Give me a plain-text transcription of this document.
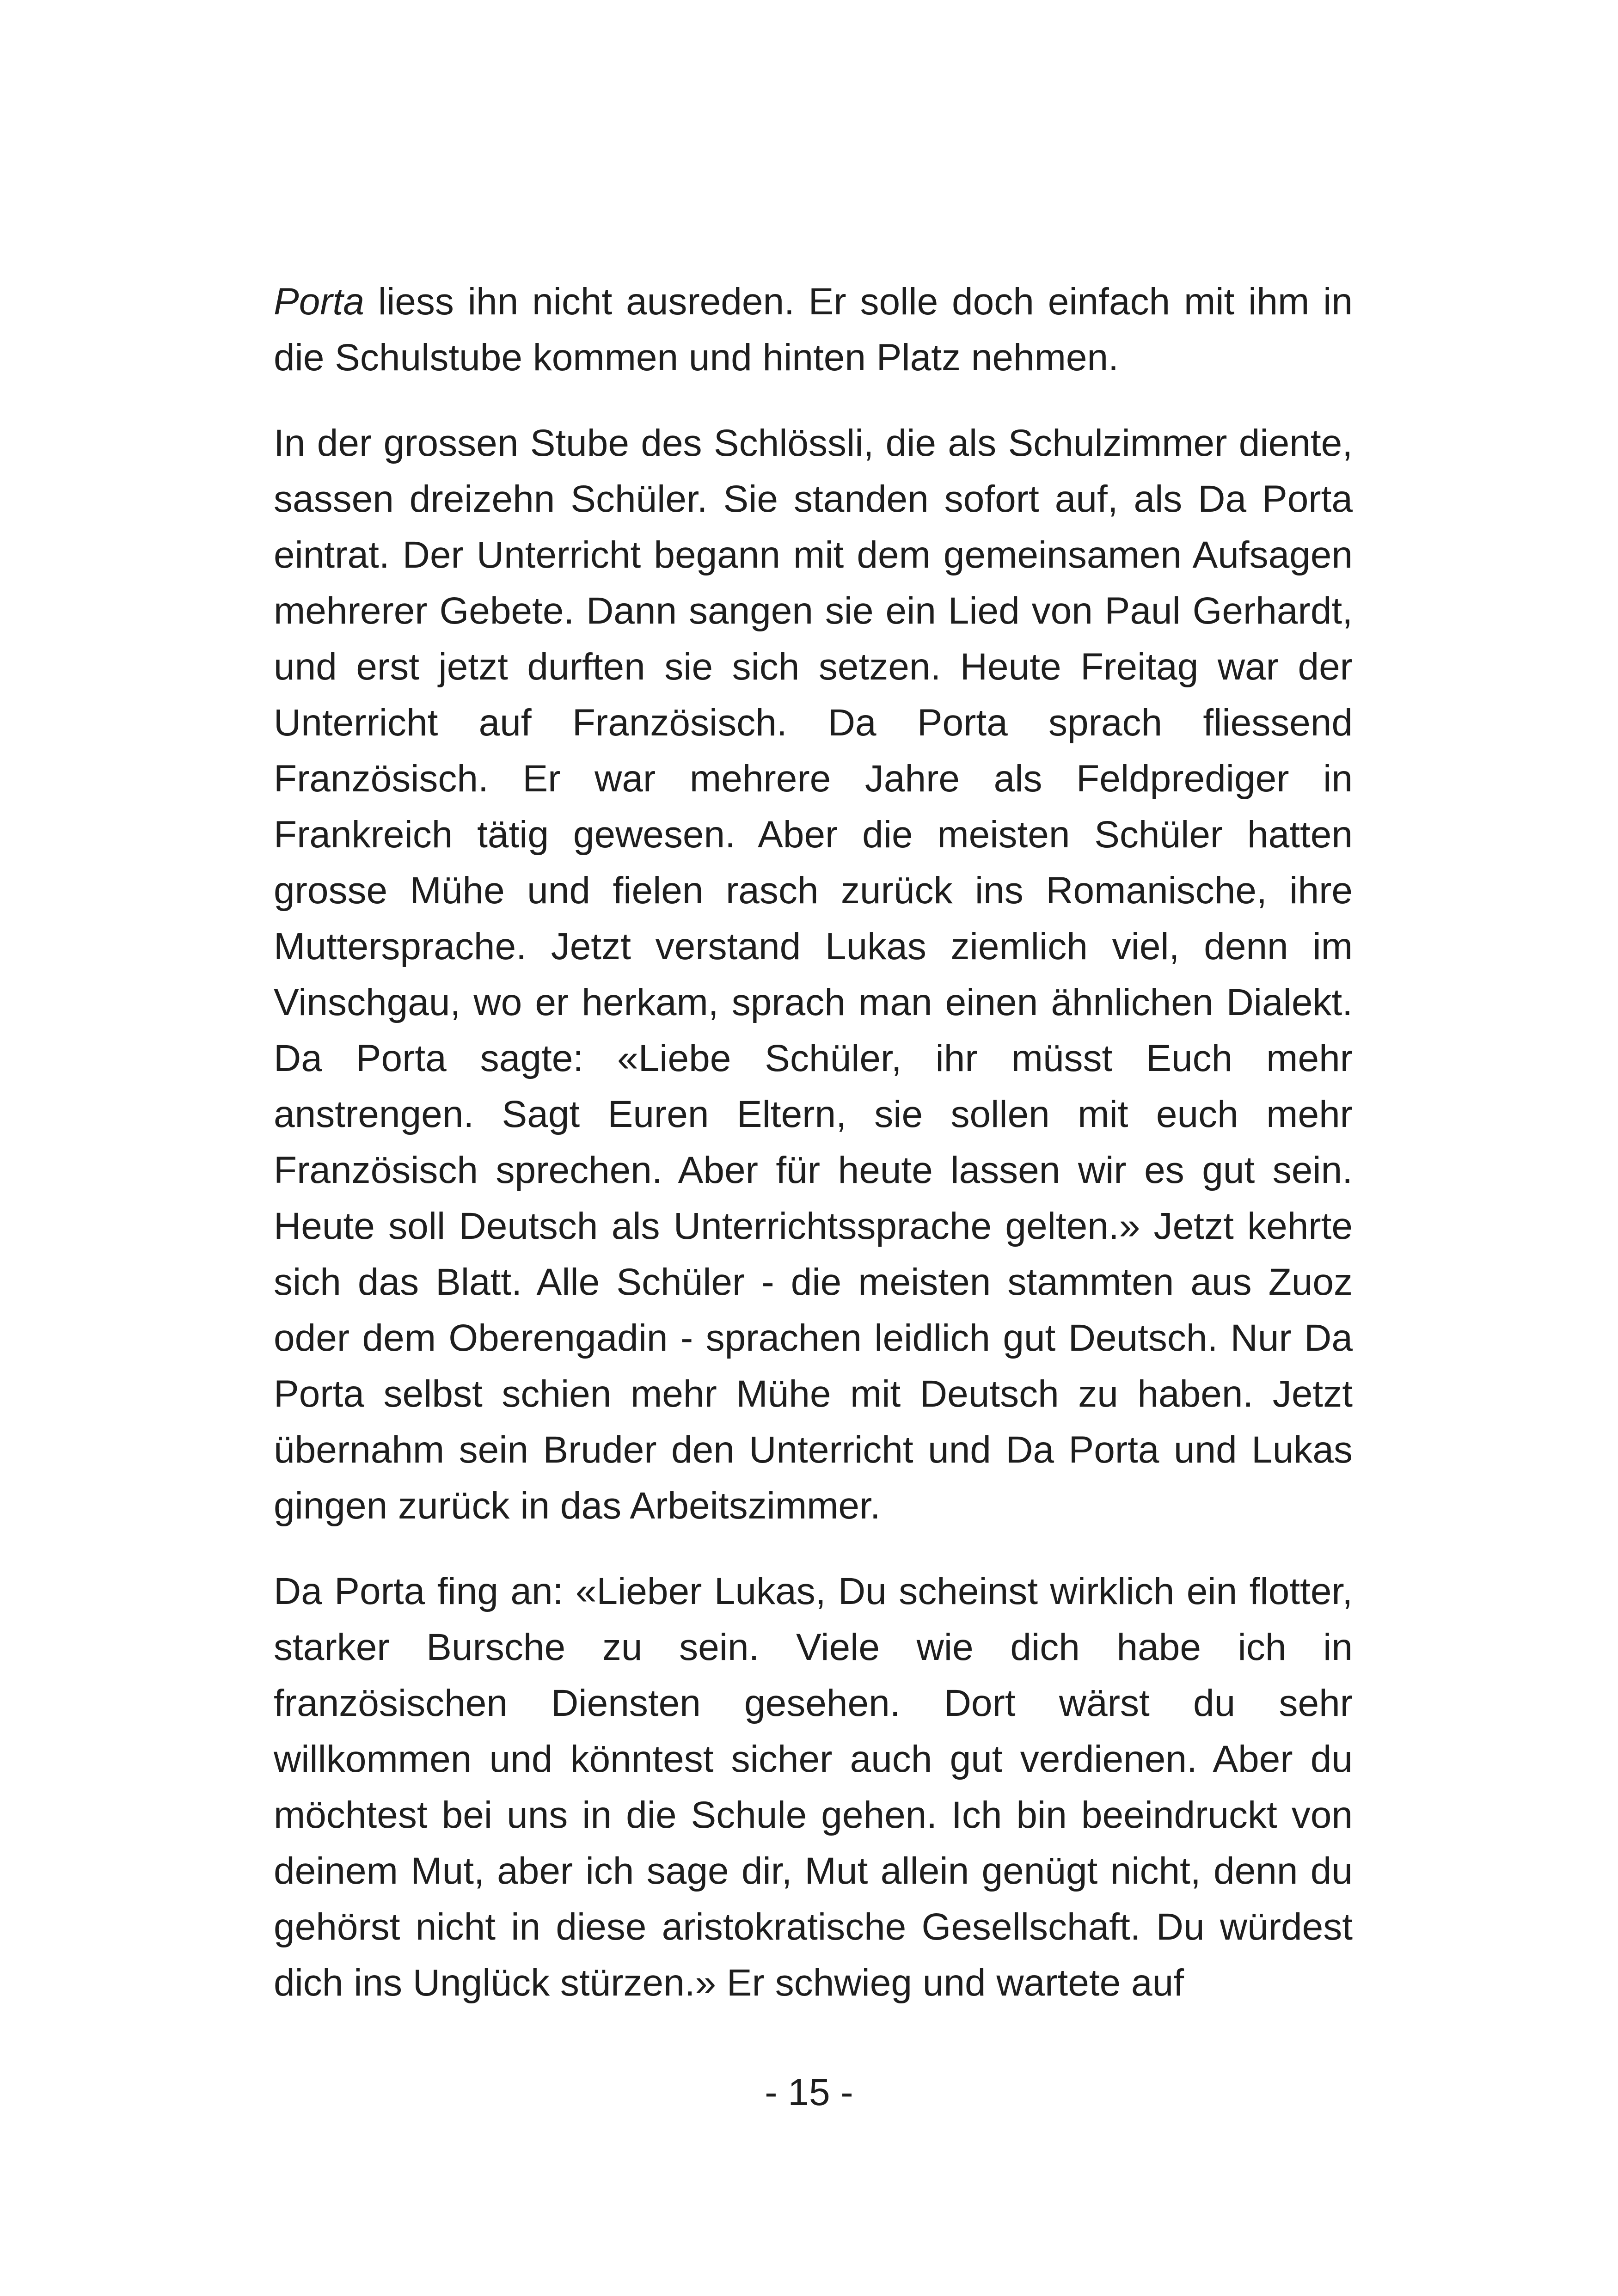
Porta liess ihn nicht ausreden. Er solle doch einfach mit ihm in die Schulstube kommen und hinten Platz nehmen.

In der grossen Stube des Schlössli, die als Schulzimmer diente, sassen dreizehn Schüler. Sie standen sofort auf, als Da Porta eintrat. Der Unterricht begann mit dem gemeinsamen Aufsagen mehrerer Gebete. Dann sangen sie ein Lied von Paul Gerhardt, und erst jetzt durften sie sich setzen. Heute Freitag war der Unterricht auf Französisch. Da Porta sprach fliessend Französisch. Er war mehrere Jahre als Feldprediger in Frankreich tätig gewesen. Aber die meisten Schüler hatten grosse Mühe und fielen rasch zurück ins Romanische, ihre Muttersprache. Jetzt verstand Lukas ziemlich viel, denn im Vinschgau, wo er herkam, sprach man einen ähnlichen Dialekt. Da Porta sagte: «Liebe Schüler, ihr müsst Euch mehr anstrengen. Sagt Euren Eltern, sie sollen mit euch mehr Französisch sprechen. Aber für heute lassen wir es gut sein. Heute soll Deutsch als Unterrichtssprache gelten.» Jetzt kehrte sich das Blatt. Alle Schüler - die meisten stammten aus Zuoz oder dem Oberengadin - sprachen leidlich gut Deutsch. Nur Da Porta selbst schien mehr Mühe mit Deutsch zu haben. Jetzt übernahm sein Bruder den Unterricht und Da Porta und Lukas gingen zurück in das Arbeitszimmer.

Da Porta fing an: «Lieber Lukas, Du scheinst wirklich ein flotter, starker Bursche zu sein. Viele wie dich habe ich in französischen Diensten gesehen. Dort wärst du sehr willkommen und könntest sicher auch gut verdienen. Aber du möchtest bei uns in die Schule gehen. Ich bin beeindruckt von deinem Mut, aber ich sage dir, Mut allein genügt nicht, denn du gehörst nicht in diese aristokratische Gesellschaft. Du würdest dich ins Unglück stürzen.» Er schwieg und wartete auf

- 15 -
